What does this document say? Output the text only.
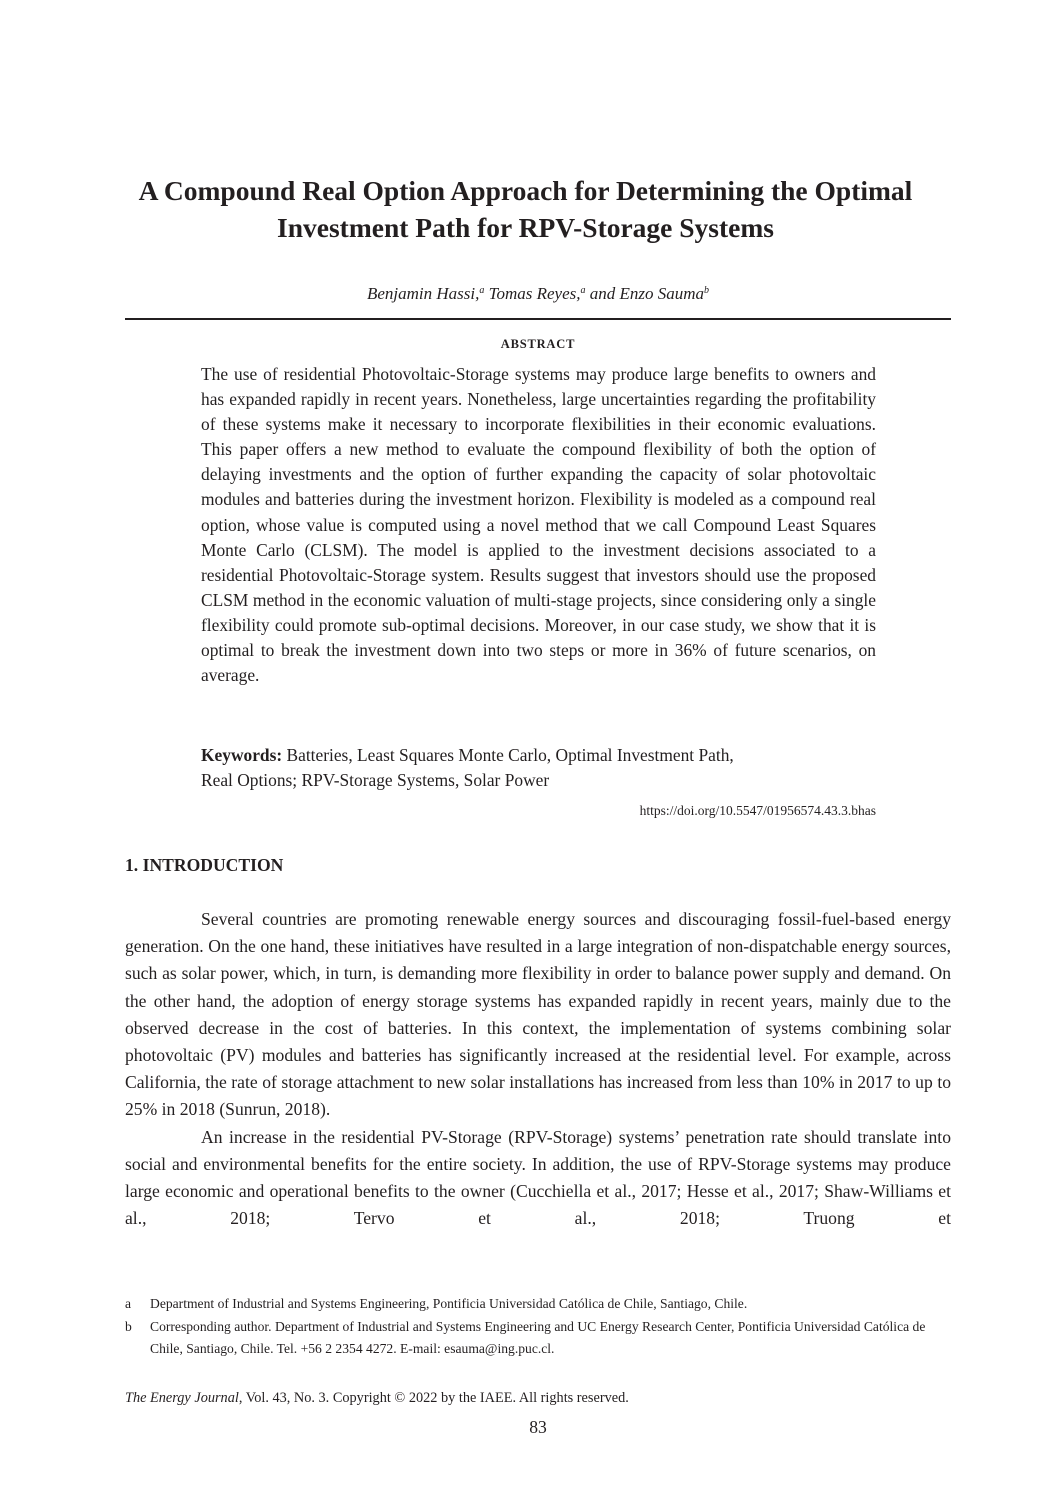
A Compound Real Option Approach for Determining the Optimal
Investment Path for RPV-Storage Systems

Benjamin Hassi,$^a$ Tomas Reyes,$^a$ and Enzo Sauma$^b$

ABSTRACT

The use of residential Photovoltaic-Storage systems may produce large benefits to owners and has expanded rapidly in recent years. Nonetheless, large uncertainties regarding the profitability of these systems make it necessary to incorporate flexibilities in their economic evaluations. This paper offers a new method to evaluate the compound flexibility of both the option of delaying investments and the option of further expanding the capacity of solar photovoltaic modules and batteries during the investment horizon. Flexibility is modeled as a compound real option, whose value is computed using a novel method that we call Compound Least Squares Monte Carlo (CLSM). The model is applied to the investment decisions associated to a residential Photovoltaic-Storage system. Results suggest that investors should use the proposed CLSM method in the economic valuation of multi-stage projects, since considering only a single flexibility could promote sub-optimal decisions. Moreover, in our case study, we show that it is optimal to break the investment down into two steps or more in 36% of future scenarios, on average.

Keywords: Batteries, Least Squares Monte Carlo, Optimal Investment Path,
Real Options; RPV-Storage Systems, Solar Power

https://doi.org/10.5547/01956574.43.3.bhas

1. INTRODUCTION

Several countries are promoting renewable energy sources and discouraging fossil-fuel-based energy generation. On the one hand, these initiatives have resulted in a large integration of non-dispatchable energy sources, such as solar power, which, in turn, is demanding more flexibility in order to balance power supply and demand. On the other hand, the adoption of energy storage systems has expanded rapidly in recent years, mainly due to the observed decrease in the cost of batteries. In this context, the implementation of systems combining solar photovoltaic (PV) modules and batteries has significantly increased at the residential level. For example, across California, the rate of storage attachment to new solar installations has increased from less than 10% in 2017 to up to 25% in 2018 (Sunrun, 2018).

An increase in the residential PV-Storage (RPV-Storage) systems’ penetration rate should translate into social and environmental benefits for the entire society. In addition, the use of RPV-Storage systems may produce large economic and operational benefits to the owner (Cucchiella et al., 2017; Hesse et al., 2017; Shaw-Williams et al., 2018; Tervo et al., 2018; Truong et

a	Department of Industrial and Systems Engineering, Pontificia Universidad Católica de Chile, Santiago, Chile.
b	Corresponding author. Department of Industrial and Systems Engineering and UC Energy Research Center, Pontificia Universidad Católica de Chile, Santiago, Chile. Tel. +56 2 2354 4272. E-mail: esauma@ing.puc.cl.

The Energy Journal, Vol. 43, No. 3. Copyright © 2022 by the IAEE. All rights reserved.

83
